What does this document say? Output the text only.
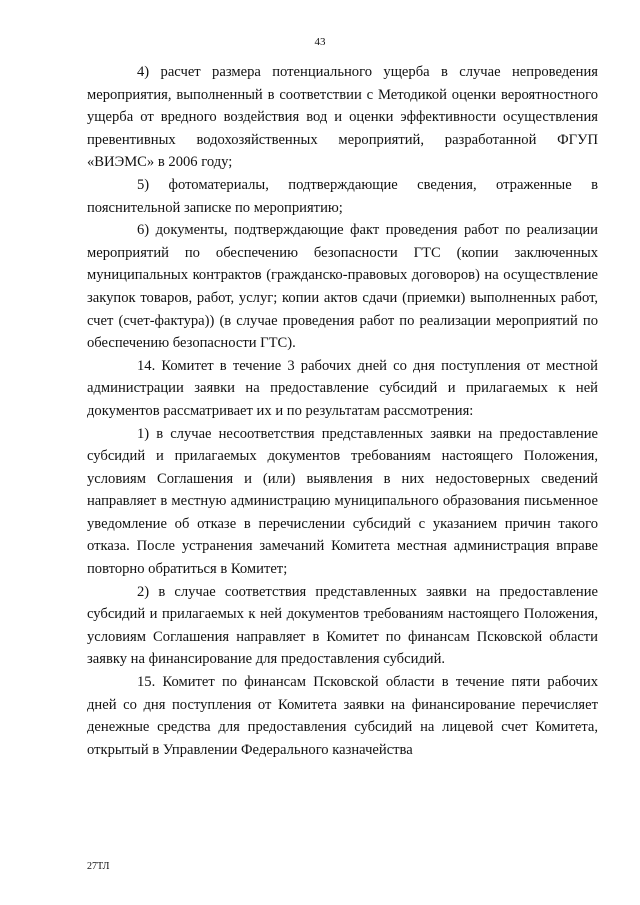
43

4) расчет размера потенциального ущерба в случае непроведения мероприятия, выполненный в соответствии с Методикой оценки вероятностного ущерба от вредного воздействия вод и оценки эффективности осуществления превентивных водохозяйственных мероприятий, разработанной ФГУП «ВИЭМС» в 2006 году;

5) фотоматериалы, подтверждающие сведения, отраженные в пояснительной записке по мероприятию;

6) документы, подтверждающие факт проведения работ по реализации мероприятий по обеспечению безопасности ГТС (копии заключенных муниципальных контрактов (гражданско-правовых договоров) на осуществление закупок товаров, работ, услуг; копии актов сдачи (приемки) выполненных работ, счет (счет-фактура)) (в случае проведения работ по реализации мероприятий по обеспечению безопасности ГТС).

14. Комитет в течение 3 рабочих дней со дня поступления от местной администрации заявки на предоставление субсидий и прилагаемых к ней документов рассматривает их и по результатам рассмотрения:

1) в случае несоответствия представленных заявки на предоставление субсидий и прилагаемых документов требованиям настоящего Положения, условиям Соглашения и (или) выявления в них недостоверных сведений направляет в местную администрацию муниципального образования письменное уведомление об отказе в перечислении субсидий с указанием причин такого отказа. После устранения замечаний Комитета местная администрация вправе повторно обратиться в Комитет;

2) в случае соответствия представленных заявки на предоставление субсидий и прилагаемых к ней документов требованиям настоящего Положения, условиям Соглашения направляет в Комитет по финансам Псковской области заявку на финансирование для предоставления субсидий.

15. Комитет по финансам Псковской области в течение пяти рабочих дней со дня поступления от Комитета заявки на финансирование перечисляет денежные средства для предоставления субсидий на лицевой счет Комитета, открытый в Управлении Федерального казначейства

27ТЛ
